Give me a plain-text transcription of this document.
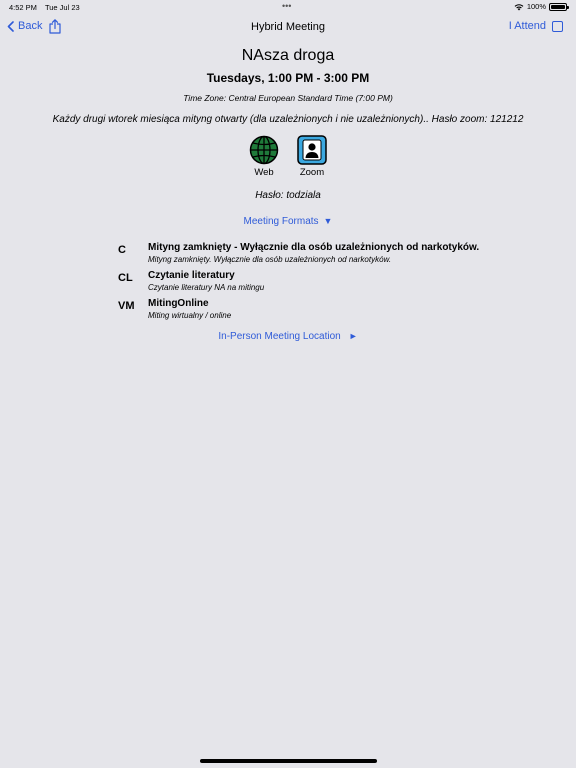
4:52 PM Tue Jul 23	•••	100%
Back	Hybrid Meeting	I Attend
NAsza droga
Tuesdays, 1:00 PM - 3:00 PM
Time Zone: Central European Standard Time (7:00 PM)
Każdy drugi wtorek miesiąca mityng otwarty (dla uzależnionych i nie uzależnionych).. Hasło zoom: 121212
Web	Zoom
Hasło: todziala
Meeting Formats ▼
C	Mityng zamknięty - Wyłącznie dla osób uzależnionych od narkotyków.
Mityng zamknięty. Wyłącznie dla osób uzależnionych od narkotyków.
CL	Czytanie literatury
Czytanie literatury NA na mitingu
VM	MitingOnline
Miting wirtualny / online
In-Person Meeting Location ►
